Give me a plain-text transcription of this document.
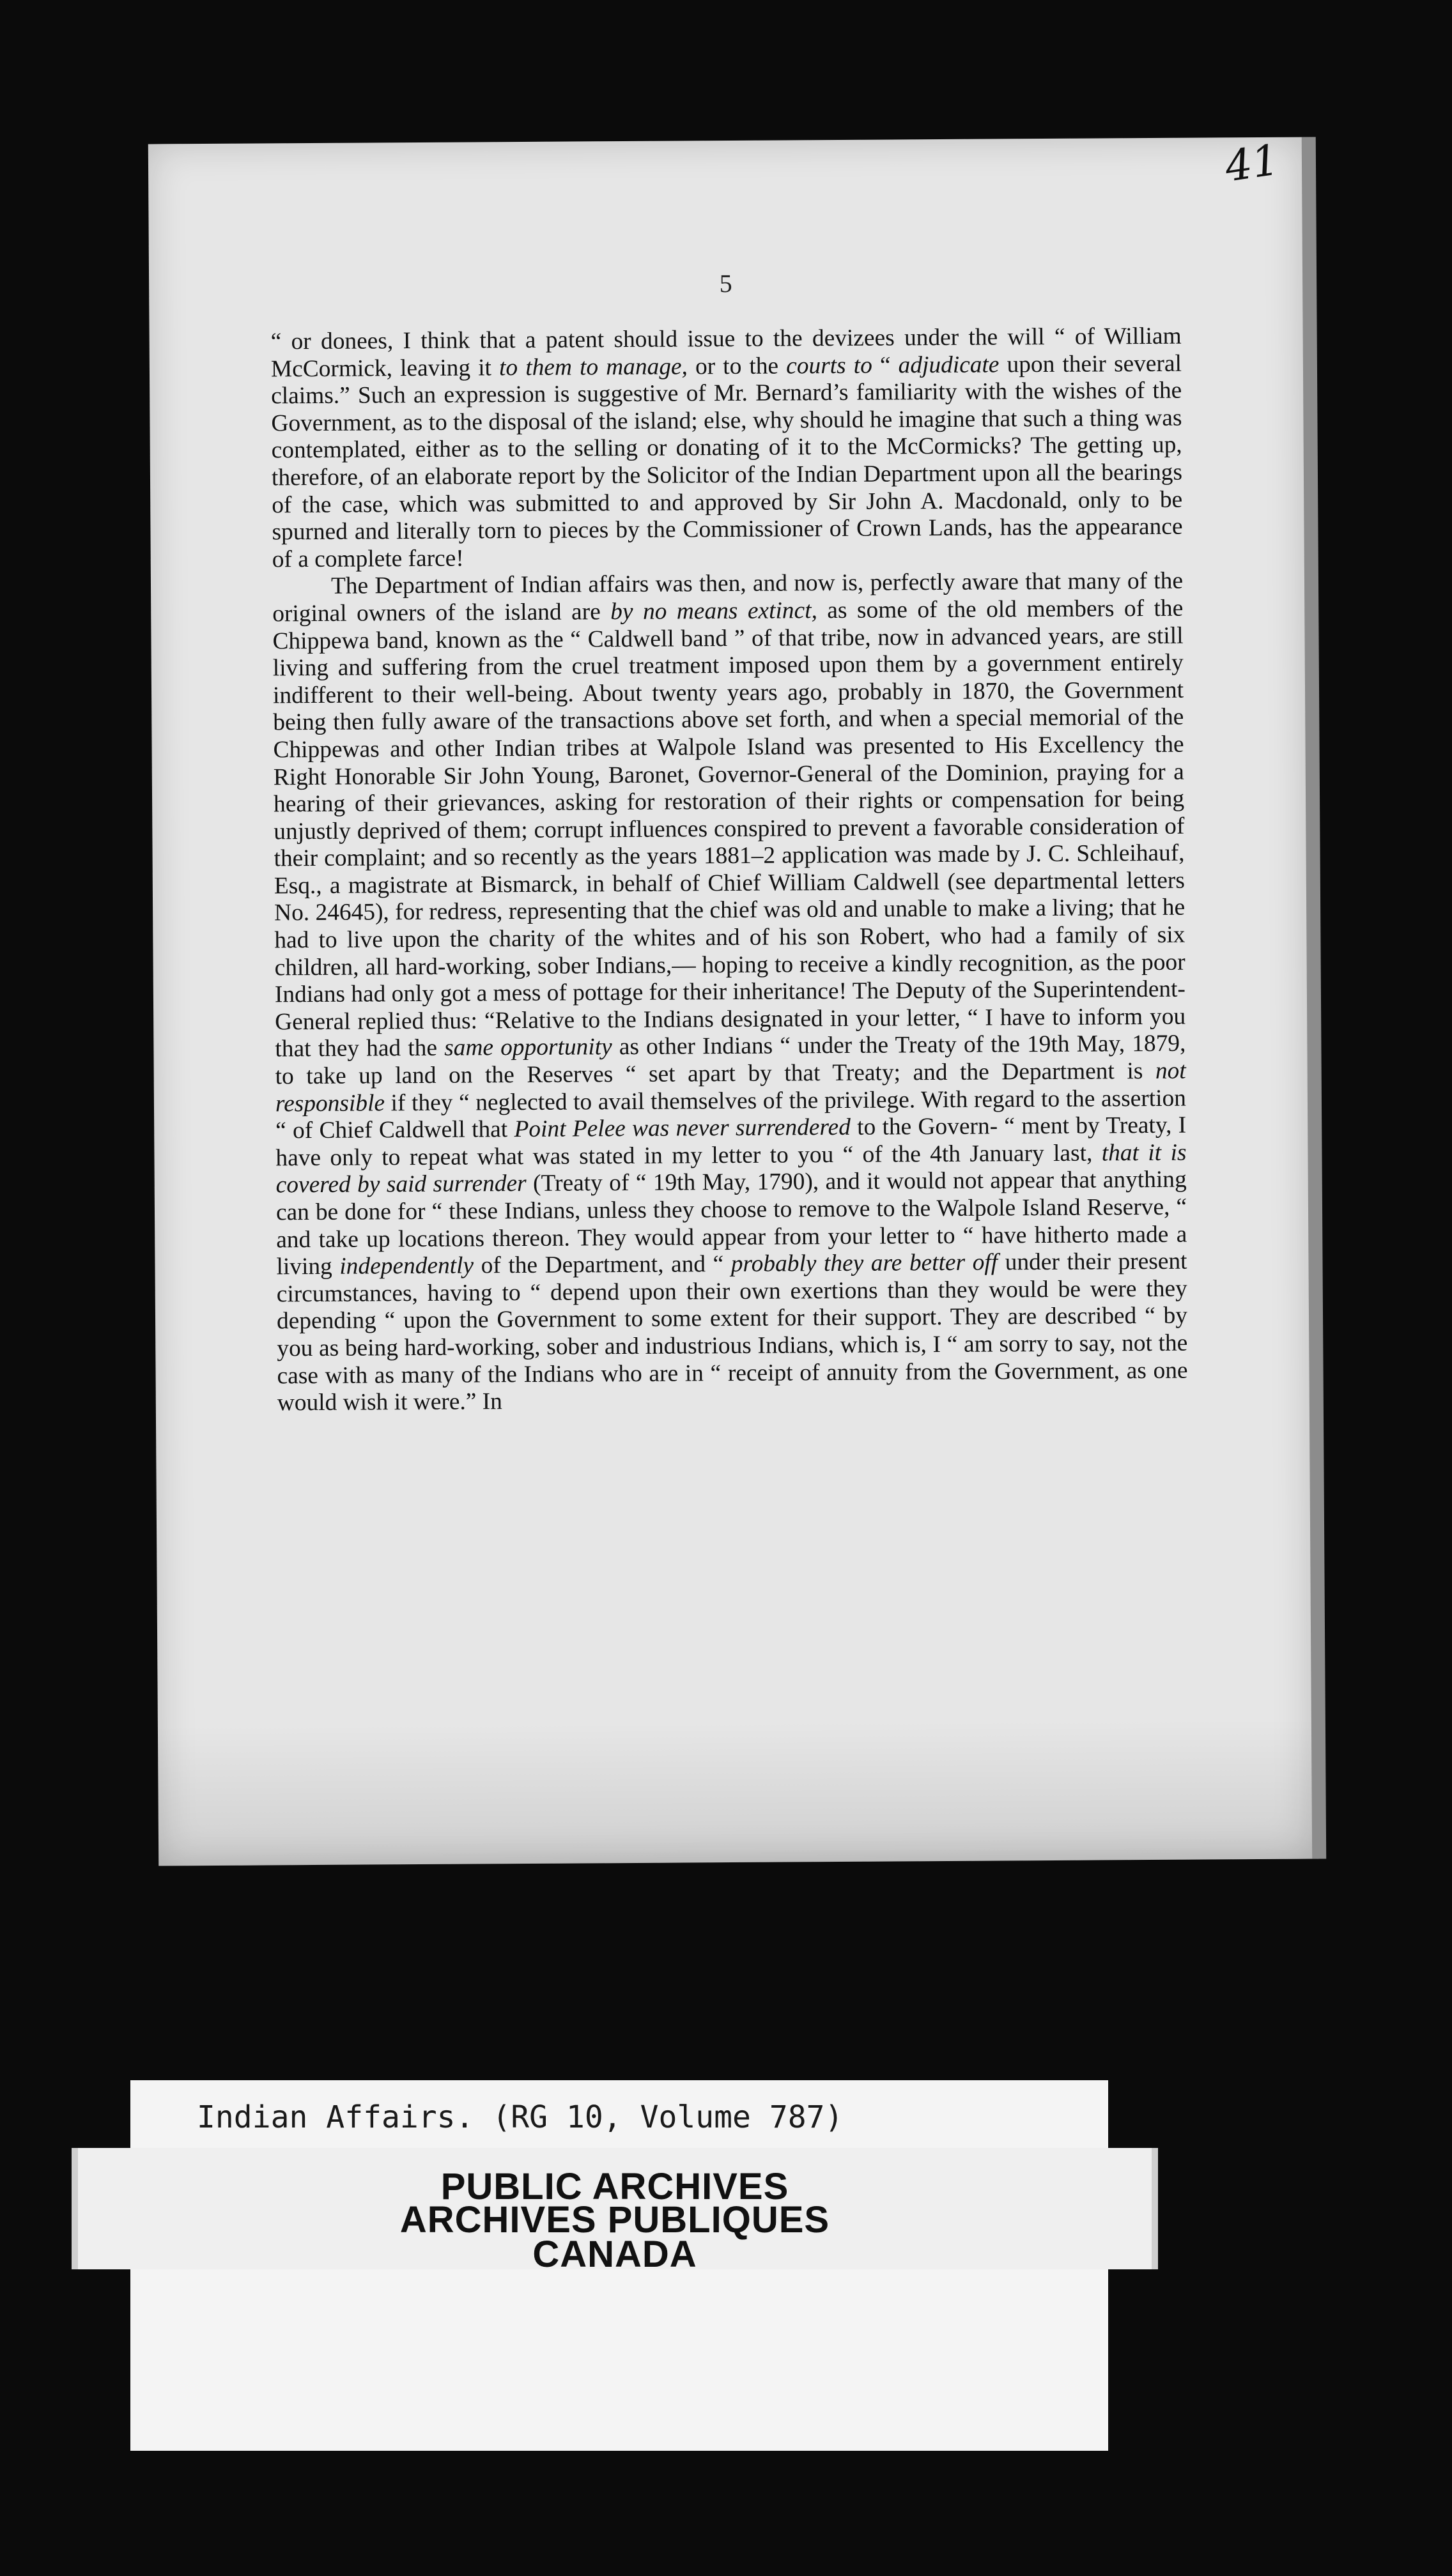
41
5

“ or donees, I think that a patent should issue to the devizees under the will “ of William McCormick, leaving it to them to manage, or to the courts to “ adjudicate upon their several claims.” Such an expression is suggestive of Mr. Bernard’s familiarity with the wishes of the Government, as to the disposal of the island; else, why should he imagine that such a thing was contemplated, either as to the selling or donating of it to the McCormicks? The getting up, therefore, of an elaborate report by the Solicitor of the Indian Department upon all the bearings of the case, which was submitted to and approved by Sir John A. Macdonald, only to be spurned and literally torn to pieces by the Commissioner of Crown Lands, has the appearance of a complete farce!

The Department of Indian affairs was then, and now is, perfectly aware that many of the original owners of the island are by no means extinct, as some of the old members of the Chippewa band, known as the “ Caldwell band ” of that tribe, now in advanced years, are still living and suffering from the cruel treatment imposed upon them by a government entirely indifferent to their well-being. About twenty years ago, probably in 1870, the Government being then fully aware of the transactions above set forth, and when a special memorial of the Chippewas and other Indian tribes at Walpole Island was presented to His Excellency the Right Honorable Sir John Young, Baronet, Governor-General of the Dominion, praying for a hearing of their grievances, asking for restoration of their rights or compensation for being unjustly deprived of them; corrupt influences conspired to prevent a favorable consideration of their complaint; and so recently as the years 1881–2 application was made by J. C. Schleihauf, Esq., a magistrate at Bismarck, in behalf of Chief William Caldwell (see departmental letters No. 24645), for redress, representing that the chief was old and unable to make a living; that he had to live upon the charity of the whites and of his son Robert, who had a family of six children, all hard-working, sober Indians,— hoping to receive a kindly recognition, as the poor Indians had only got a mess of pottage for their inheritance! The Deputy of the Superintendent-General replied thus: “Relative to the Indians designated in your letter, “ I have to inform you that they had the same opportunity as other Indians “ under the Treaty of the 19th May, 1879, to take up land on the Reserves “ set apart by that Treaty; and the Department is not responsible if they “ neglected to avail themselves of the privilege. With regard to the assertion “ of Chief Caldwell that Point Pelee was never surrendered to the Govern- “ ment by Treaty, I have only to repeat what was stated in my letter to you “ of the 4th January last, that it is covered by said surrender (Treaty of “ 19th May, 1790), and it would not appear that anything can be done for “ these Indians, unless they choose to remove to the Walpole Island Reserve, “ and take up locations thereon. They would appear from your letter to “ have hitherto made a living independently of the Department, and “ probably they are better off under their present circumstances, having to “ depend upon their own exertions than they would be were they depending “ upon the Government to some extent for their support. They are described “ by you as being hard-working, sober and industrious Indians, which is, I “ am sorry to say, not the case with as many of the Indians who are in “ receipt of annuity from the Government, as one would wish it were.” In

Indian Affairs. (RG 10, Volume 787)
PUBLIC ARCHIVES
ARCHIVES PUBLIQUES
CANADA
